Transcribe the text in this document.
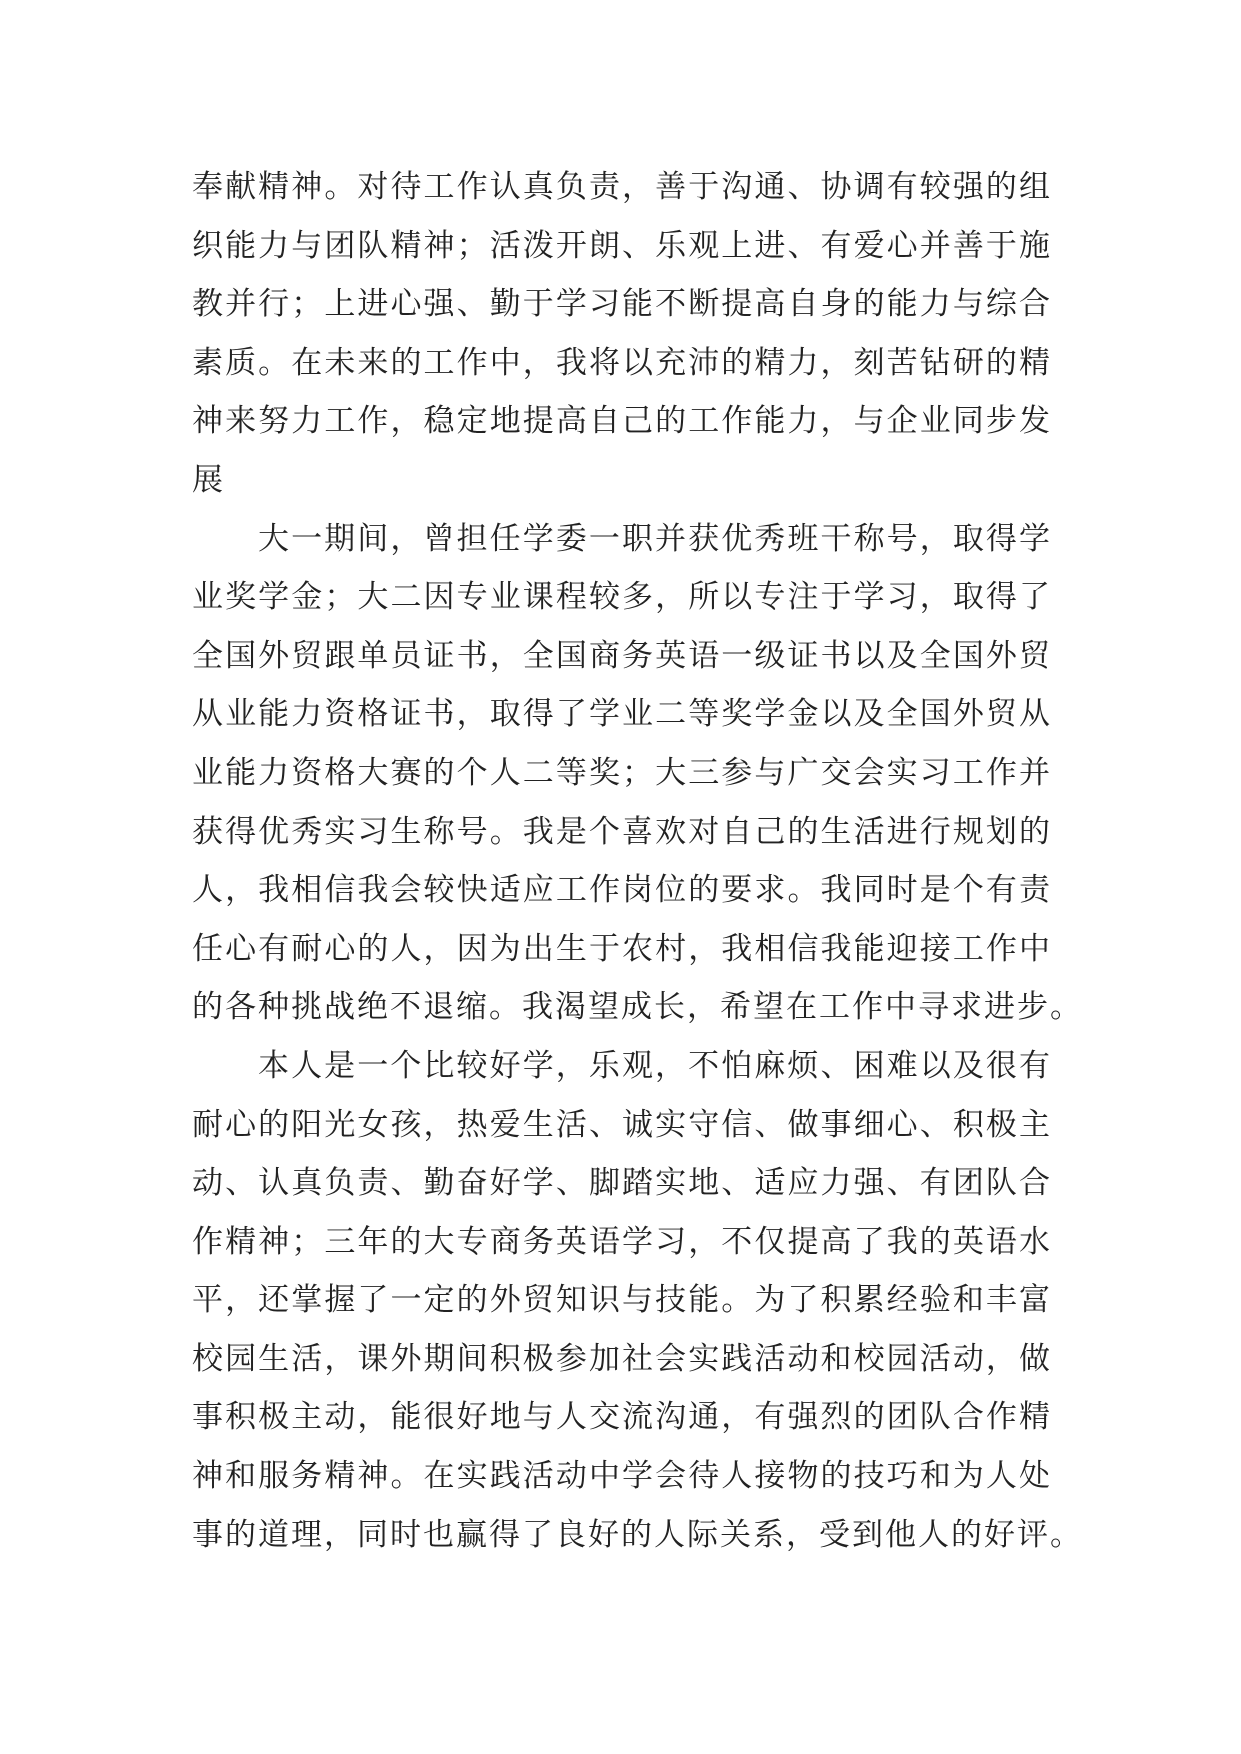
奉献精神。对待工作认真负责，善于沟通、协调有较强的组
织能力与团队精神；活泼开朗、乐观上进、有爱心并善于施
教并行；上进心强、勤于学习能不断提高自身的能力与综合
素质。在未来的工作中，我将以充沛的精力，刻苦钻研的精
神来努力工作，稳定地提高自己的工作能力，与企业同步发
展
大一期间，曾担任学委一职并获优秀班干称号，取得学
业奖学金；大二因专业课程较多，所以专注于学习，取得了
全国外贸跟单员证书，全国商务英语一级证书以及全国外贸
从业能力资格证书，取得了学业二等奖学金以及全国外贸从
业能力资格大赛的个人二等奖；大三参与广交会实习工作并
获得优秀实习生称号。我是个喜欢对自己的生活进行规划的
人，我相信我会较快适应工作岗位的要求。我同时是个有责
任心有耐心的人，因为出生于农村，我相信我能迎接工作中
的各种挑战绝不退缩。我渴望成长，希望在工作中寻求进步。
本人是一个比较好学，乐观，不怕麻烦、困难以及很有
耐心的阳光女孩，热爱生活、诚实守信、做事细心、积极主
动、认真负责、勤奋好学、脚踏实地、适应力强、有团队合
作精神；三年的大专商务英语学习，不仅提高了我的英语水
平，还掌握了一定的外贸知识与技能。为了积累经验和丰富
校园生活，课外期间积极参加社会实践活动和校园活动，做
事积极主动，能很好地与人交流沟通，有强烈的团队合作精
神和服务精神。在实践活动中学会待人接物的技巧和为人处
事的道理，同时也赢得了良好的人际关系，受到他人的好评。
